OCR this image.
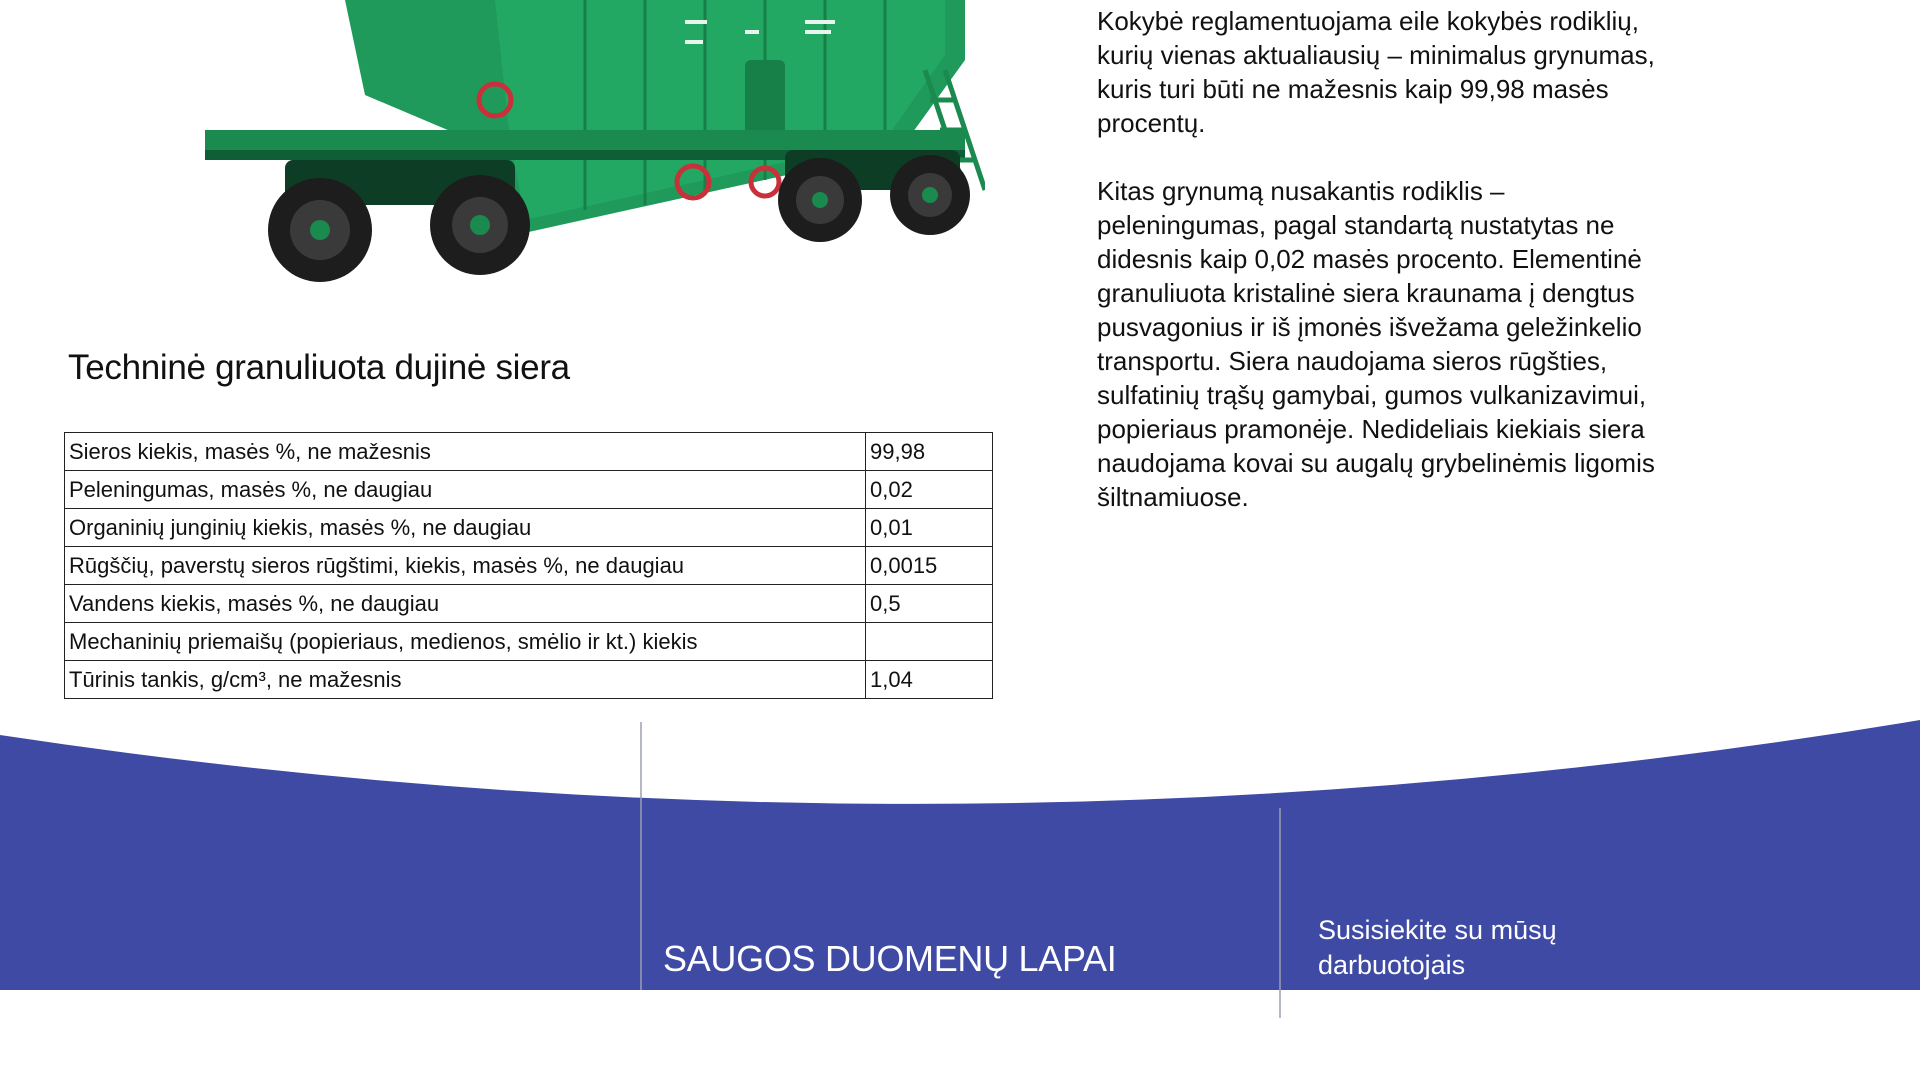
Techninė granuliuota dujinė siera
Sieros kiekis, masės %, ne mažesnis	99,98
Peleningumas, masės %, ne daugiau	0,02
Organinių junginių kiekis, masės %, ne daugiau	0,01
Rūgščių, paverstų sieros rūgštimi, kiekis, masės %, ne daugiau	0,0015
Vandens kiekis, masės %, ne daugiau	0,5
Mechaninių priemaišų (popieriaus, medienos, smėlio ir kt.) kiekis	
Tūrinis tankis, g/cm³, ne mažesnis	1,04

Kokybė reglamentuojama eile kokybės rodiklių, kurių vienas aktualiausių – minimalus grynumas, kuris turi būti ne mažesnis kaip 99,98 masės procentų.

Kitas grynumą nusakantis rodiklis – peleningumas, pagal standartą nustatytas ne didesnis kaip 0,02 masės procento. Elementinė granuliuota kristalinė siera kraunama į dengtus pusvagonius ir iš įmonės išvežama geležinkelio transportu. Siera naudojama sieros rūgšties, sulfatinių trąšų gamybai, gumos vulkanizavimui, popieriaus pramonėje. Nedideliais kiekiais siera naudojama kovai su augalų grybelinėmis ligomis šiltnamiuose.

SAUGOS DUOMENŲ LAPAI
Susisiekite su mūsų darbuotojais
